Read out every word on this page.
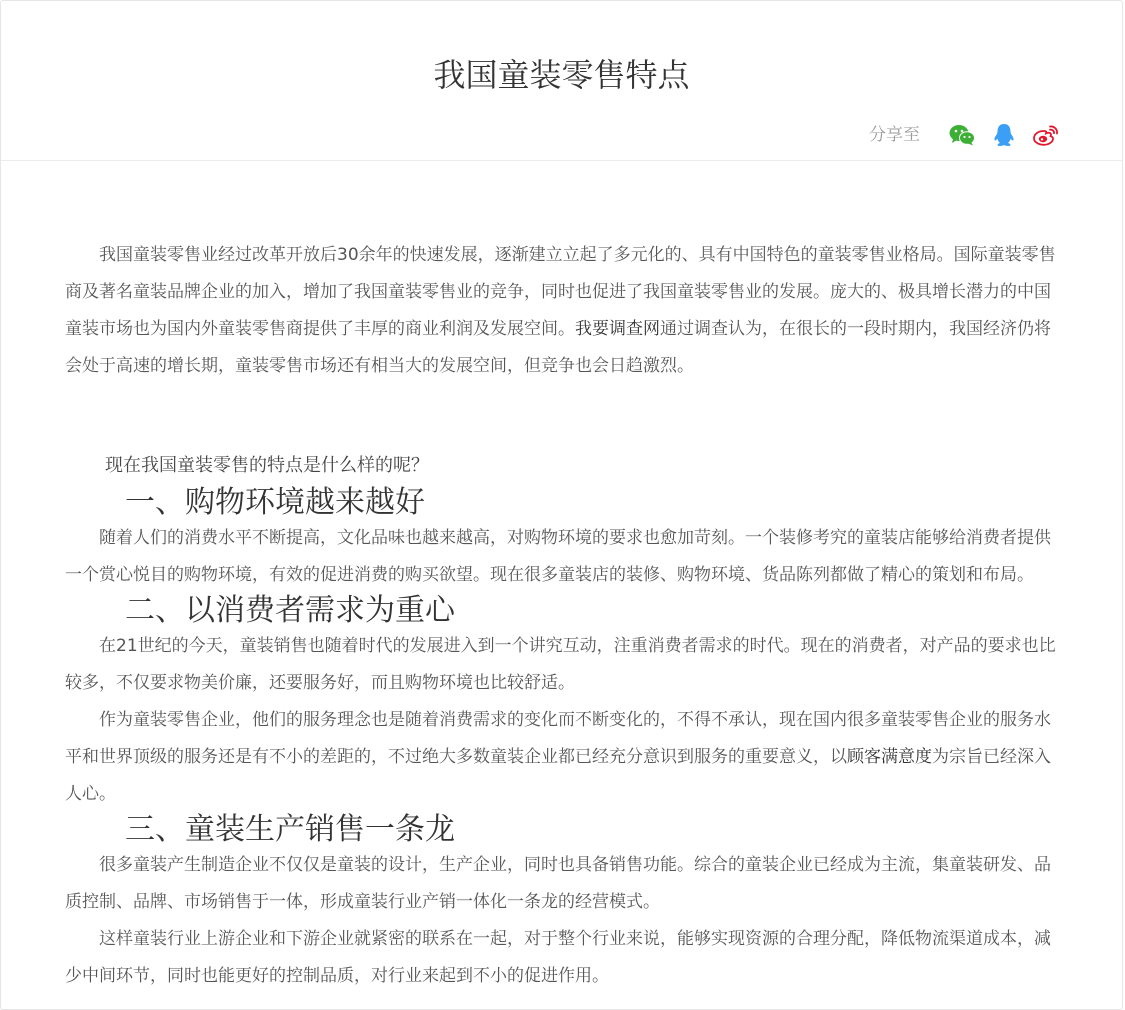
我国童装零售特点
分享至

我国童装零售业经过改革开放后30余年的快速发展，逐渐建立立起了多元化的、具有中国特色的童装零售业格局。国际童装零售商及著名童装品牌企业的加入，增加了我国童装零售业的竞争，同时也促进了我国童装零售业的发展。庞大的、极具增长潜力的中国童装市场也为国内外童装零售商提供了丰厚的商业利润及发展空间。我要调查网通过调查认为，在很长的一段时期内，我国经济仍将会处于高速的增长期，童装零售市场还有相当大的发展空间，但竞争也会日趋激烈。

现在我国童装零售的特点是什么样的呢？
一、购物环境越来越好

随着人们的消费水平不断提高，文化品味也越来越高，对购物环境的要求也愈加苛刻。一个装修考究的童装店能够给消费者提供一个赏心悦目的购物环境，有效的促进消费的购买欲望。现在很多童装店的装修、购物环境、货品陈列都做了精心的策划和布局。

二、以消费者需求为重心

在21世纪的今天，童装销售也随着时代的发展进入到一个讲究互动，注重消费者需求的时代。现在的消费者，对产品的要求也比较多，不仅要求物美价廉，还要服务好，而且购物环境也比较舒适。

作为童装零售企业，他们的服务理念也是随着消费需求的变化而不断变化的，不得不承认，现在国内很多童装零售企业的服务水平和世界顶级的服务还是有不小的差距的，不过绝大多数童装企业都已经充分意识到服务的重要意义，以顾客满意度为宗旨已经深入人心。

三、童装生产销售一条龙

很多童装产生制造企业不仅仅是童装的设计，生产企业，同时也具备销售功能。综合的童装企业已经成为主流，集童装研发、品质控制、品牌、市场销售于一体，形成童装行业产销一体化一条龙的经营模式。

这样童装行业上游企业和下游企业就紧密的联系在一起，对于整个行业来说，能够实现资源的合理分配，降低物流渠道成本，减少中间环节，同时也能更好的控制品质，对行业来起到不小的促进作用。
